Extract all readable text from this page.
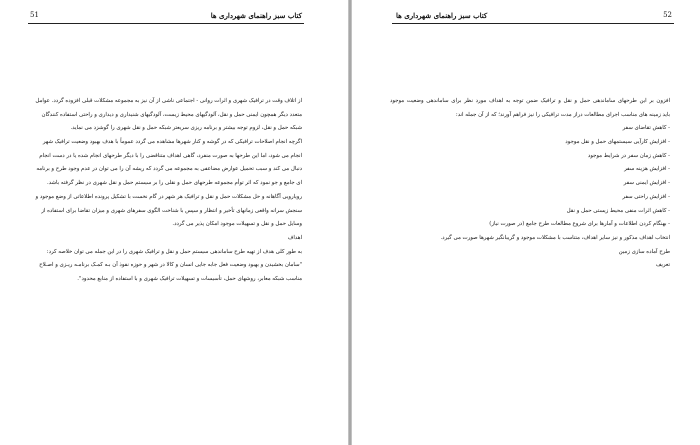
51	کتاب سبز راهنمای شهرداری ها
از اتلاف وقت در ترافیک شهری و اثرات روانی - اجتماعی ناشی از آن نیز به مجموعه مشکلات قبلی افزوده گردد. عوامل
متعدد دیگر همچون ایمنی حمل و نقل، آلودگیهای محیط زیست، آلودگیهای شنیداری و دیداری و راحتی استفاده کنندگان
شبکه حمل و نقل، لزوم توجه بیشتر و برنامه ریزی سریعتر شبکه حمل و نقل شهری را گوشزد می نماید.
اگرچه انجام اصلاحات ترافیکی که در گوشه و کنار شهرها مشاهده می گردد عموماً با هدف بهبود وضعیت ترافیک شهر
انجام می شود، اما این طرحها به صورت منفرد، گاهی اهداف متناقضی را با دیگر طرحهای انجام شده یا در دست انجام
دنبال می کند و سبب تحمیل عوارض مضاعفی به مجموعه می گردد که ریشه آن را می توان در عدم وجود طرح و برنامه
ای جامع و جو نمود که اثر توأم مجموعه طرحهای حمل و نقلی را بر سیستم حمل و نقل شهری در نظر گرفته باشد.
رویارویی آگاهانه و حل مشکلات حمل و نقل و ترافیک هر شهر در گام نخست با تشکیل پرونده اطلاعاتی از وضع موجود و
سنجش سرانه واقعی زمانهای تأخیر و انتظار و سپس با شناخت الگوی سفرهای شهری و میزان تقاضا برای استفاده از
وسایل حمل و نقل و تسهیلات موجود امکان پذیر می گردد.
اهداف
به طور کلی هدف از تهیه طرح ساماندهی سیستم حمل و نقل و ترافیک شهری را در این جمله می توان خلاصه کرد:
"سامان بخشیدن و بهبود وضعیت فعل جابه جایی انسان و کالا در شهر و حوزه نفوذ آن بـه کمـک برنامـه ریـزی و اصـلاح
مناسب شبکه معابر، روشهای حمل، تأسیسات و تسهیلات ترافیک شهری و با استفاده از منابع محدود".
کتاب سبز راهنمای شهرداری ها	52
افزون بر این طرحهای ساماندهی حمل و نقل و ترافیک ضمن توجه به اهداف مورد نظر برای ساماندهی وضعیت موجود
باید زمینه های مناسب اجرای مطالعات دراز مدت ترافیکی را نیز فراهم آورند؛ که از آن جمله اند:
- کاهش تقاضای سفر
- افزایش کارآیی سیستمهای حمل و نقل موجود
- کاهش زمان سفر در شرایط موجود
- افزایش هزینه سفر
- افزایش ایمنی سفر
- افزایش راحتی سفر
- کاهش اثرات منفی محیط زیستی حمل و نقل
- بهنگام کردن اطلاعات و آمارها برای شروع مطالعات طرح جامع (در صورت نیاز)
انتخاب اهداف مذکور و نیز سایر اهداف، متناسب با مشکلات موجود و گریبانگیر شهرها صورت می گیرد.
طرح آماده سازی زمین
تعریف
